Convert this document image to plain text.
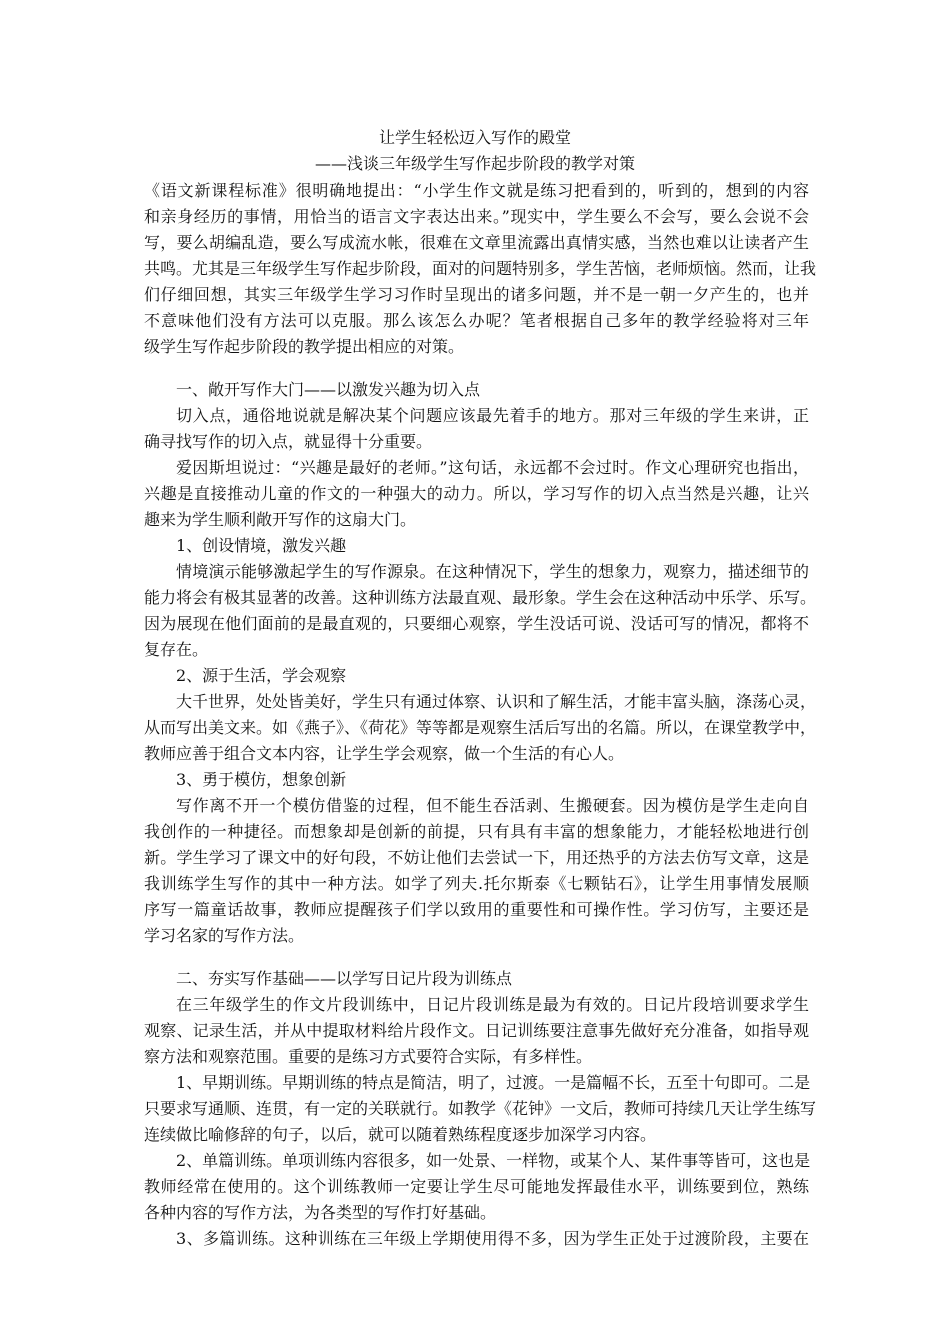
让学生轻松迈入写作的殿堂
——浅谈三年级学生写作起步阶段的教学对策
《语文新课程标准》很明确地提出：“小学生作文就是练习把看到的，听到的，想到的内容
和亲身经历的事情，用恰当的语言文字表达出来。”现实中，学生要么不会写，要么会说不会
写，要么胡编乱造，要么写成流水帐，很难在文章里流露出真情实感，当然也难以让读者产生
共鸣。尤其是三年级学生写作起步阶段，面对的问题特别多，学生苦恼，老师烦恼。然而，让我
们仔细回想，其实三年级学生学习习作时呈现出的诸多问题，并不是一朝一夕产生的，也并
不意味他们没有方法可以克服。那么该怎么办呢？笔者根据自己多年的教学经验将对三年
级学生写作起步阶段的教学提出相应的对策。
一、敞开写作大门——以激发兴趣为切入点
切入点，通俗地说就是解决某个问题应该最先着手的地方。那对三年级的学生来讲，正
确寻找写作的切入点，就显得十分重要。
爱因斯坦说过：“兴趣是最好的老师。”这句话，永远都不会过时。作文心理研究也指出，
兴趣是直接推动儿童的作文的一种强大的动力。所以，学习写作的切入点当然是兴趣，让兴
趣来为学生顺利敞开写作的这扇大门。
1、创设情境，激发兴趣
情境演示能够激起学生的写作源泉。在这种情况下，学生的想象力，观察力，描述细节的
能力将会有极其显著的改善。这种训练方法最直观、最形象。学生会在这种活动中乐学、乐写。
因为展现在他们面前的是最直观的，只要细心观察，学生没话可说、没话可写的情况，都将不
复存在。
2、源于生活，学会观察
大千世界，处处皆美好，学生只有通过体察、认识和了解生活，才能丰富头脑，涤荡心灵，
从而写出美文来。如《燕子》、《荷花》等等都是观察生活后写出的名篇。所以，在课堂教学中，
教师应善于组合文本内容，让学生学会观察，做一个生活的有心人。
3、勇于模仿，想象创新
写作离不开一个模仿借鉴的过程，但不能生吞活剥、生搬硬套。因为模仿是学生走向自
我创作的一种捷径。而想象却是创新的前提，只有具有丰富的想象能力，才能轻松地进行创
新。学生学习了课文中的好句段，不妨让他们去尝试一下，用还热乎的方法去仿写文章，这是
我训练学生写作的其中一种方法。如学了列夫.托尔斯泰《七颗钻石》，让学生用事情发展顺
序写一篇童话故事，教师应提醒孩子们学以致用的重要性和可操作性。学习仿写，主要还是
学习名家的写作方法。
二、夯实写作基础——以学写日记片段为训练点
在三年级学生的作文片段训练中，日记片段训练是最为有效的。日记片段培训要求学生
观察、记录生活，并从中提取材料给片段作文。日记训练要注意事先做好充分准备，如指导观
察方法和观察范围。重要的是练习方式要符合实际，有多样性。
1、早期训练。早期训练的特点是简洁，明了，过渡。一是篇幅不长，五至十句即可。二是
只要求写通顺、连贯，有一定的关联就行。如教学《花钟》一文后，教师可持续几天让学生练写
连续做比喻修辞的句子，以后，就可以随着熟练程度逐步加深学习内容。
2、单篇训练。单项训练内容很多，如一处景、一样物，或某个人、某件事等皆可，这也是
教师经常在使用的。这个训练教师一定要让学生尽可能地发挥最佳水平，训练要到位，熟练
各种内容的写作方法，为各类型的写作打好基础。
3、多篇训练。这种训练在三年级上学期使用得不多，因为学生正处于过渡阶段，主要在
